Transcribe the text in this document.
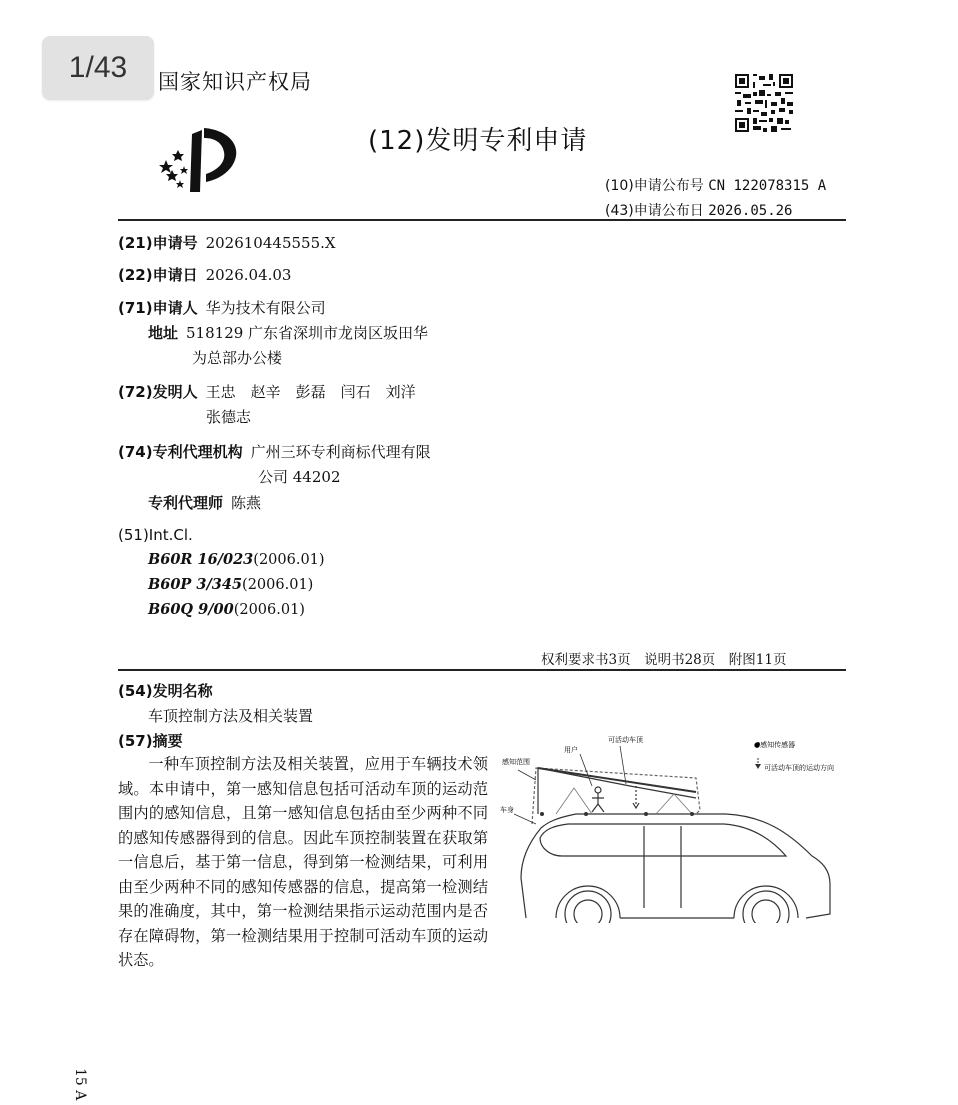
1/43	国家知识产权局
(12)发明专利申请
(10)申请公布号 CN 122078315 A
(43)申请公布日 2026.05.26
(21)申请号 202610445555.X
(22)申请日 2026.04.03
(71)申请人 华为技术有限公司
地址 518129 广东省深圳市龙岗区坂田华
为总部办公楼
(72)发明人 王忠　赵辛　彭磊　闫石　刘洋
张德志
(74)专利代理机构 广州三环专利商标代理有限
公司 44202
专利代理师 陈燕
(51)Int.Cl.
B60R 16/023(2006.01)
B60P 3/345(2006.01)
B60Q 9/00(2006.01)
权利要求书3页　说明书28页　附图11页
(54)发明名称
车顶控制方法及相关装置
(57)摘要

一种车顶控制方法及相关装置，应用于车辆技术领域。本申请中，第一感知信息包括可活动车顶的运动范围内的感知信息，且第一感知信息包括由至少两种不同的感知传感器得到的信息。因此车顶控制装置在获取第一信息后，基于第一信息，得到第一检测结果，可利用由至少两种不同的感知传感器的信息，提高第一检测结果的准确度，其中，第一检测结果指示运动范围内是否存在障碍物，第一检测结果用于控制可活动车顶的运动状态。

感知范围
用户
可活动车顶
车身
●感知传感器
可活动车顶的运动方向
15 A
